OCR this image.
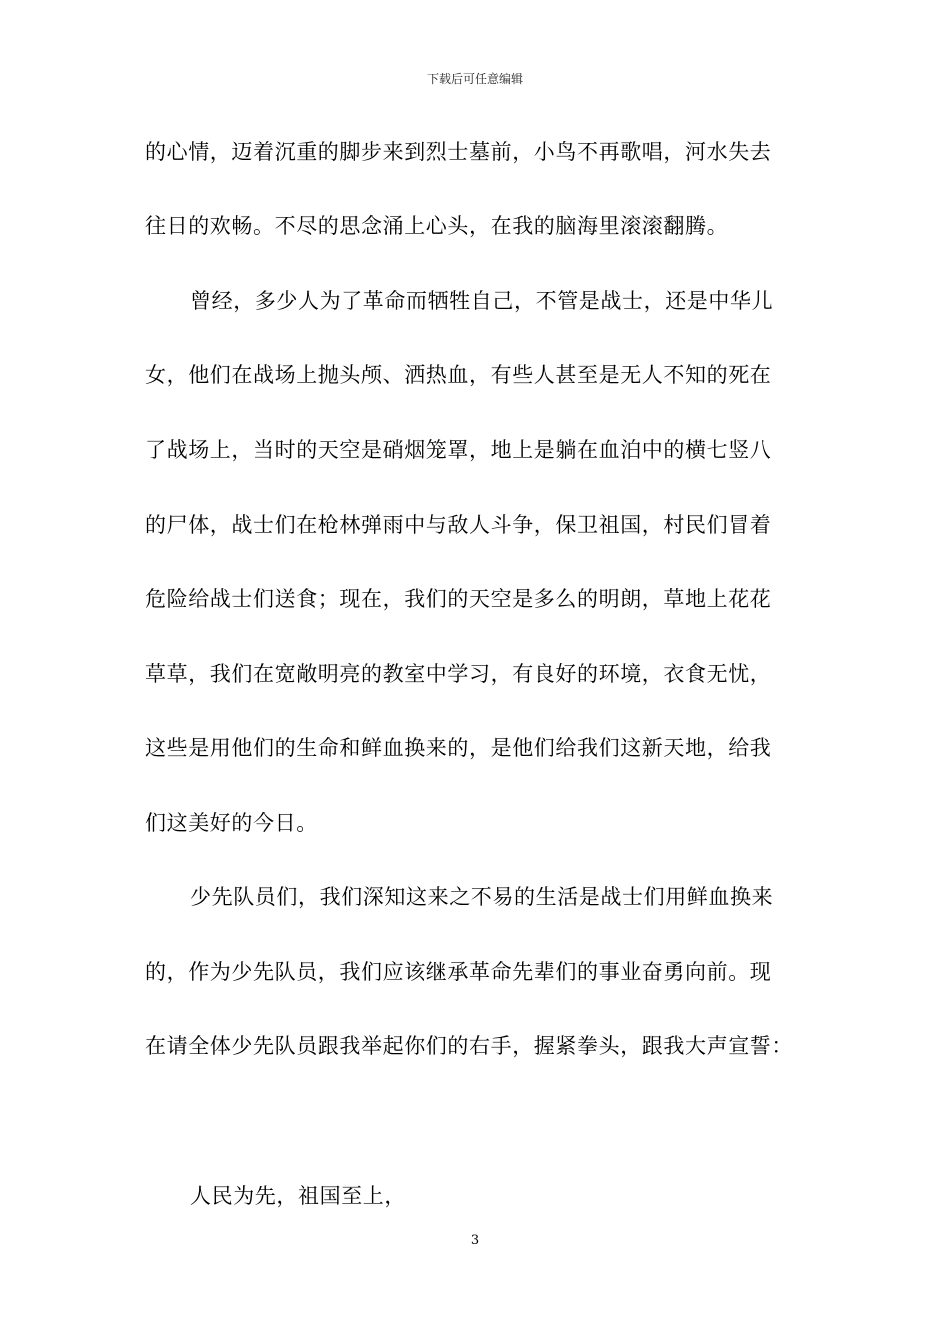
下载后可任意编辑
的心情，迈着沉重的脚步来到烈士墓前，小鸟不再歌唱，河水失去
往日的欢畅。不尽的思念涌上心头，在我的脑海里滚滚翻腾。
曾经，多少人为了革命而牺牲自己，不管是战士，还是中华儿
女，他们在战场上抛头颅、洒热血，有些人甚至是无人不知的死在
了战场上，当时的天空是硝烟笼罩，地上是躺在血泊中的横七竖八
的尸体，战士们在枪林弹雨中与敌人斗争，保卫祖国，村民们冒着
危险给战士们送食；现在，我们的天空是多么的明朗，草地上花花
草草，我们在宽敞明亮的教室中学习，有良好的环境，衣食无忧，
这些是用他们的生命和鲜血换来的，是他们给我们这新天地，给我
们这美好的今日。
少先队员们，我们深知这来之不易的生活是战士们用鲜血换来
的，作为少先队员，我们应该继承革命先辈们的事业奋勇向前。现
在请全体少先队员跟我举起你们的右手，握紧拳头，跟我大声宣誓：
人民为先，祖国至上，
3
